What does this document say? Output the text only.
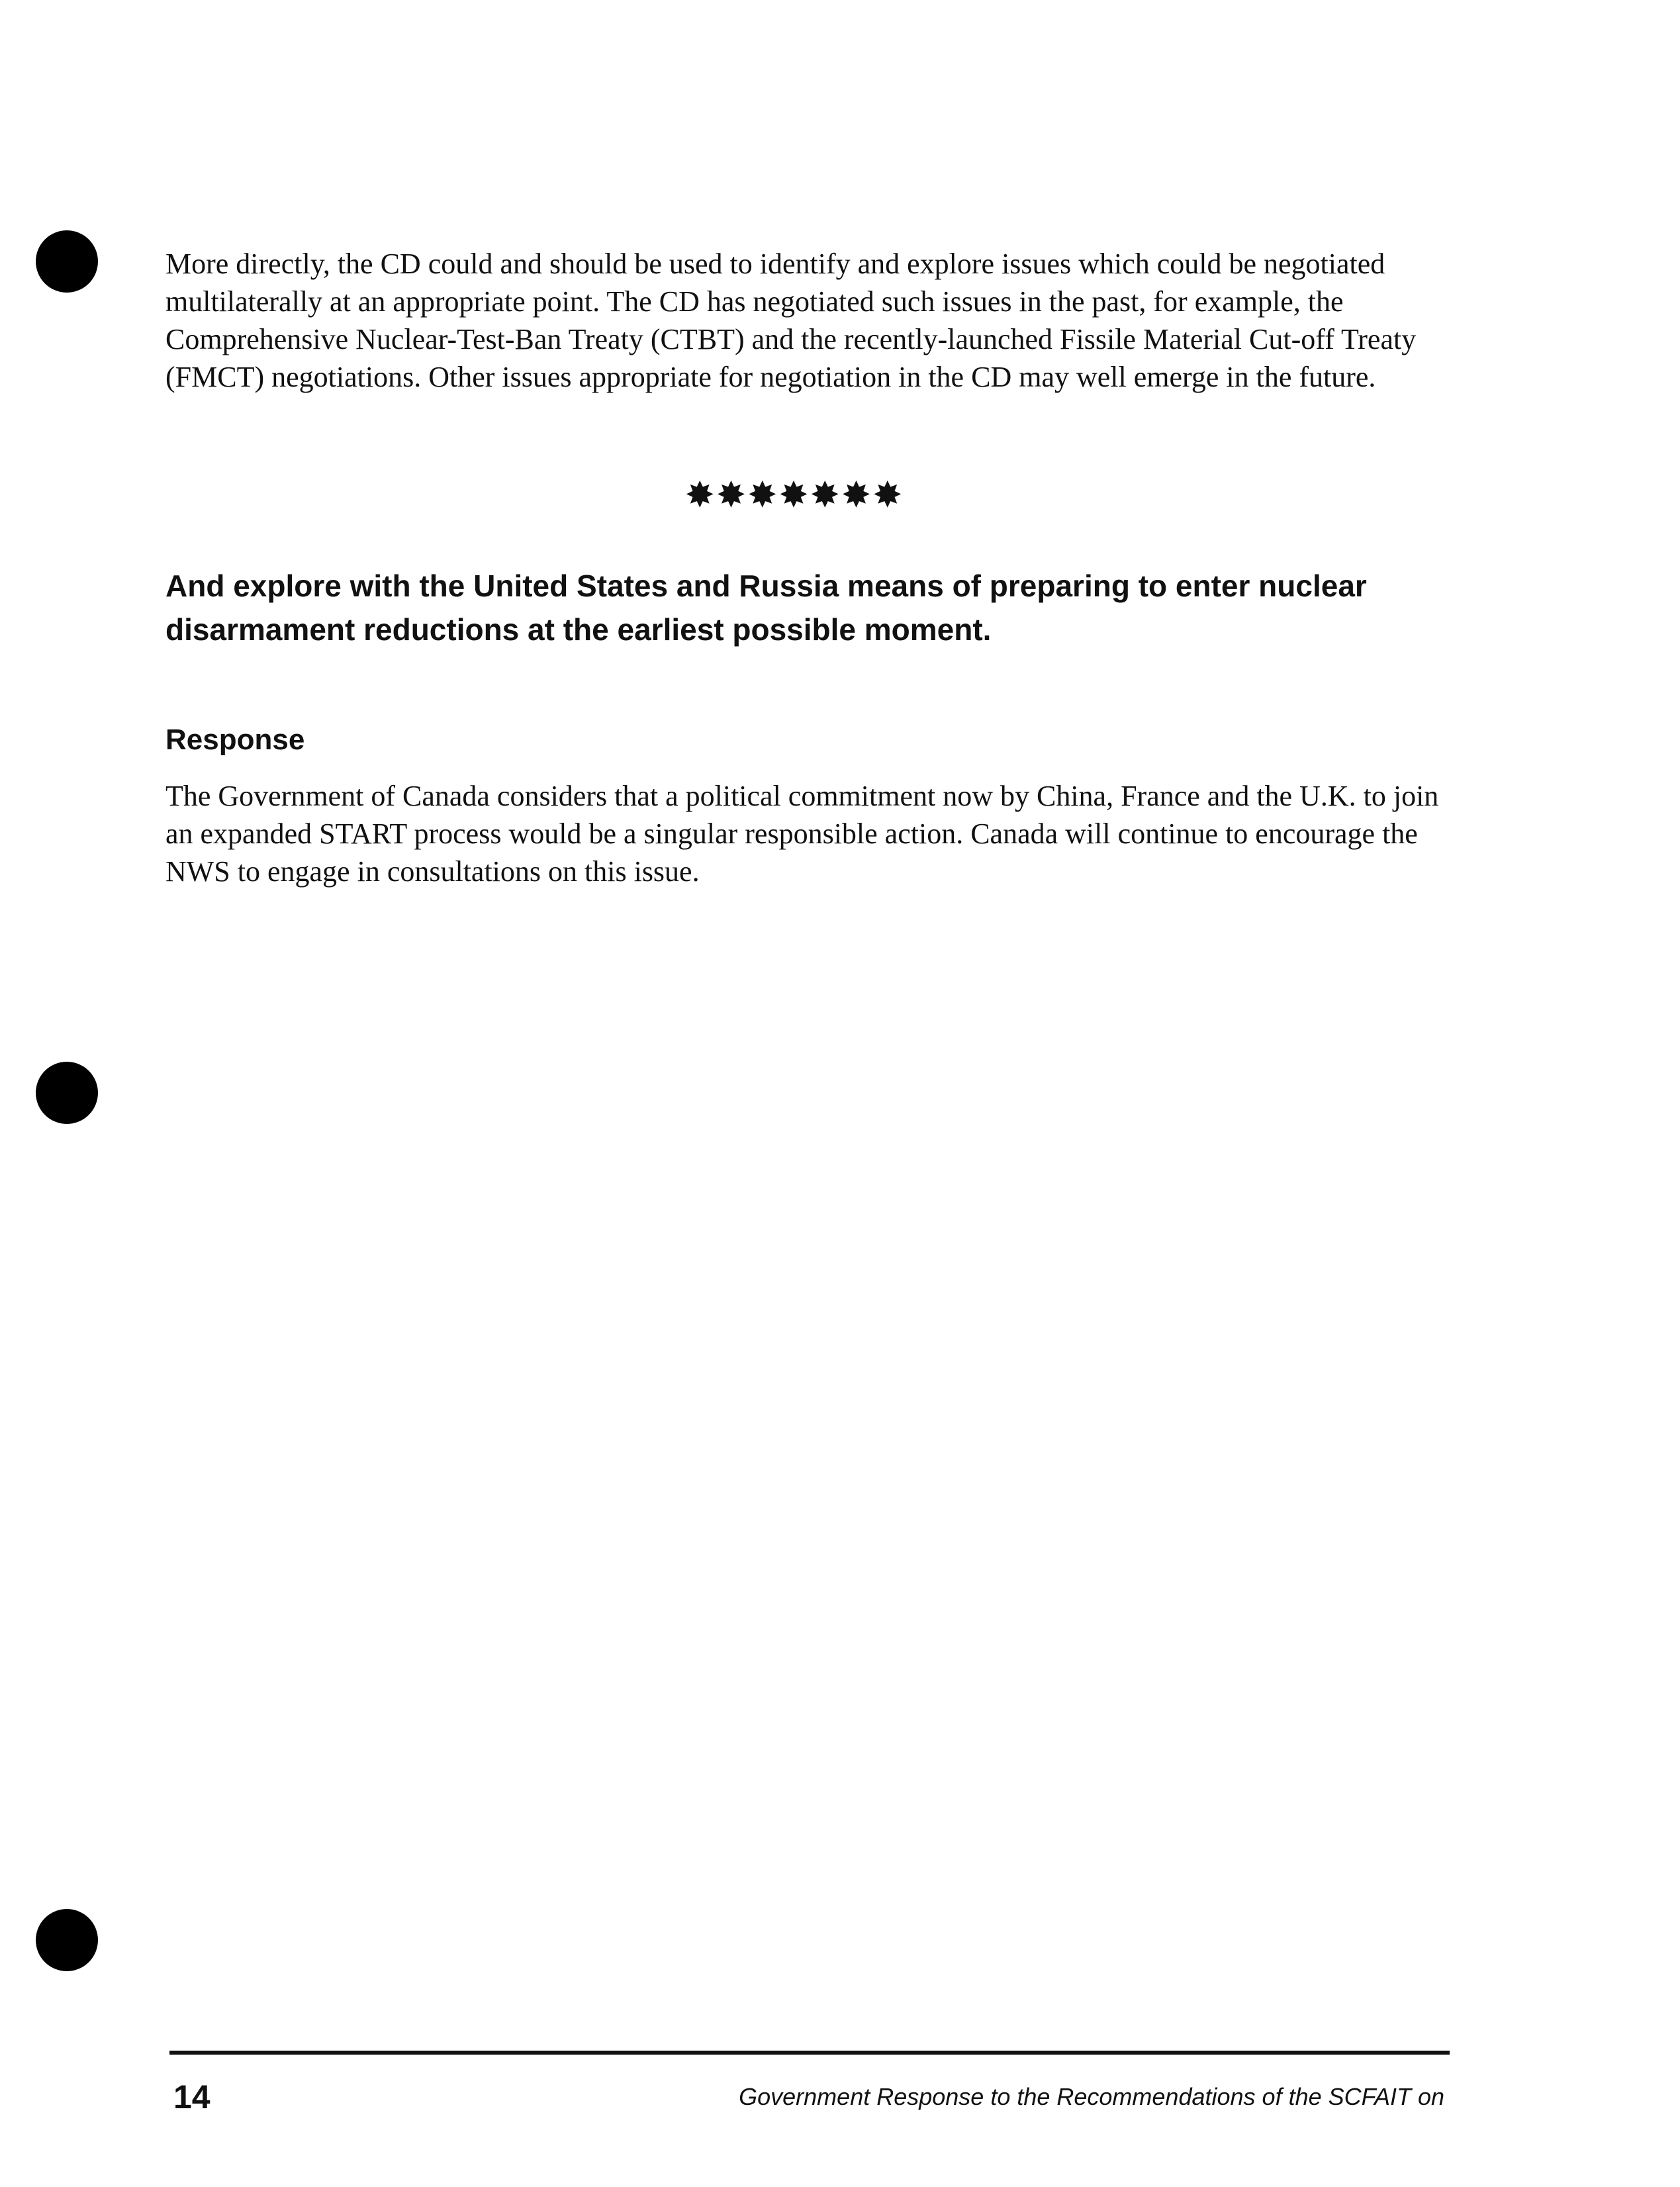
More directly, the CD could and should be used to identify and explore issues which could be negotiated multilaterally at an appropriate point. The CD has negotiated such issues in the past, for example, the Comprehensive Nuclear-Test-Ban Treaty (CTBT) and the recently-launched Fissile Material Cut-off Treaty (FMCT) negotiations. Other issues appropriate for negotiation in the CD may well emerge in the future.

✸✸✸✸✸✸✸

And explore with the United States and Russia means of preparing to enter nuclear disarmament reductions at the earliest possible moment.

Response

The Government of Canada considers that a political commitment now by China, France and the U.K. to join an expanded START process would be a singular responsible action. Canada will continue to encourage the NWS to engage in consultations on this issue.

14	Government Response to the Recommendations of the SCFAIT on
